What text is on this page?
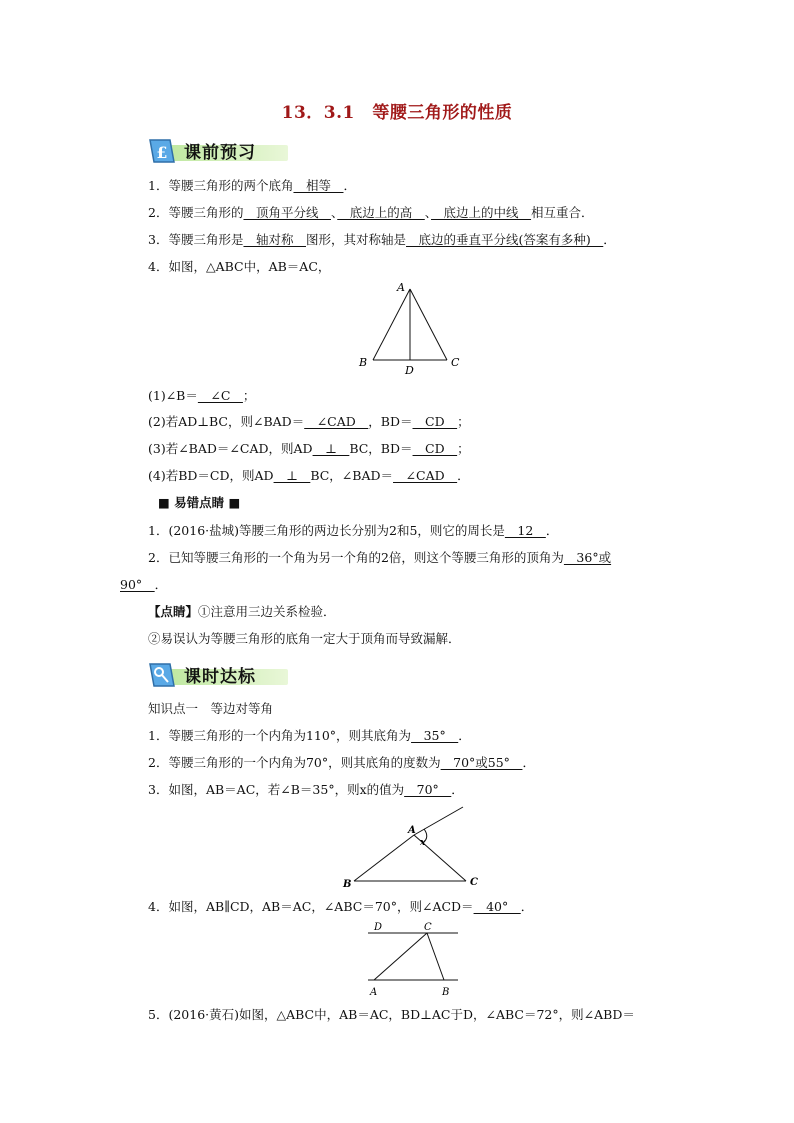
13．3.1　等腰三角形的性质
£ 课前预习
1．等腰三角形的两个底角　相等　．
2．等腰三角形的　顶角平分线　、　底边上的高　、　底边上的中线　相互重合．
3．等腰三角形是　轴对称　图形，其对称轴是　底边的垂直平分线(答案有多种)　．
4．如图，△ABC中，AB＝AC，
A
B	C
D
(1)∠B＝　∠C　；
(2)若AD⊥BC，则∠BAD＝　∠CAD　，BD＝　CD　；
(3)若∠BAD＝∠CAD，则AD　⊥　BC，BD＝　CD　；
(4)若BD＝CD，则AD　⊥　BC，∠BAD＝　∠CAD　．
■ 易错点睛 ■
1．(2016·盐城)等腰三角形的两边长分别为2和5，则它的周长是　12　．
2．已知等腰三角形的一个角为另一个角的2倍，则这个等腰三角形的顶角为　36°或
90°　．
【点睛】①注意用三边关系检验．
②易误认为等腰三角形的底角一定大于顶角而导致漏解．
课时达标
知识点一　等边对等角
1．等腰三角形的一个内角为110°，则其底角为　35°　．
2．等腰三角形的一个内角为70°，则其底角的度数为　70°或55°　．
3．如图，AB＝AC，若∠B＝35°，则x的值为　70°　．
A
B	C
x
4．如图，AB∥CD，AB＝AC，∠ABC＝70°，则∠ACD＝　40°　．
D	C
A	B
5．(2016·黄石)如图，△ABC中，AB＝AC，BD⊥AC于D，∠ABC＝72°，则∠ABD＝
